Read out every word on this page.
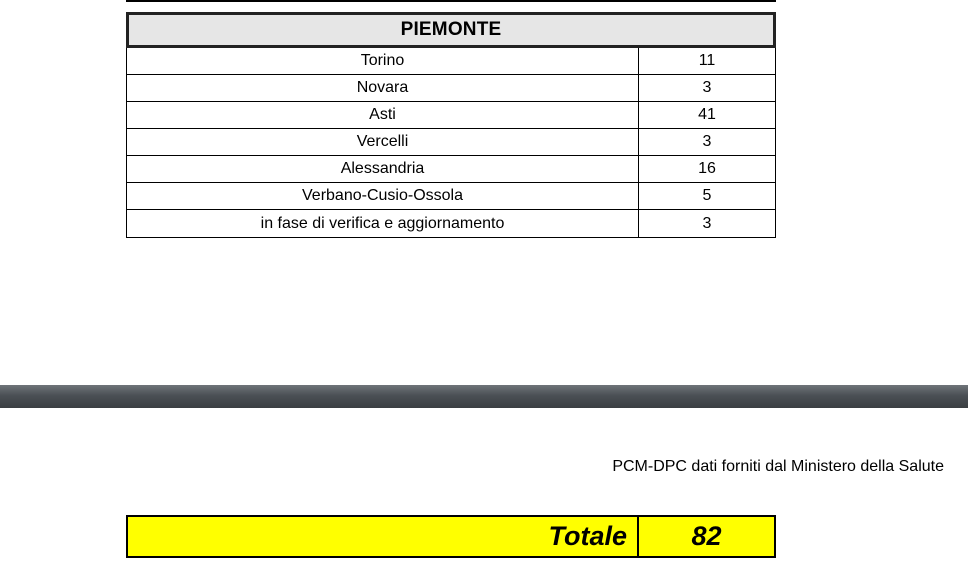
PIEMONTE
Torino	11
Novara	3
Asti	41
Vercelli	3
Alessandria	16
Verbano-Cusio-Ossola	5
in fase di verifica e aggiornamento	3
PCM-DPC dati forniti dal Ministero della Salute
Totale	82
